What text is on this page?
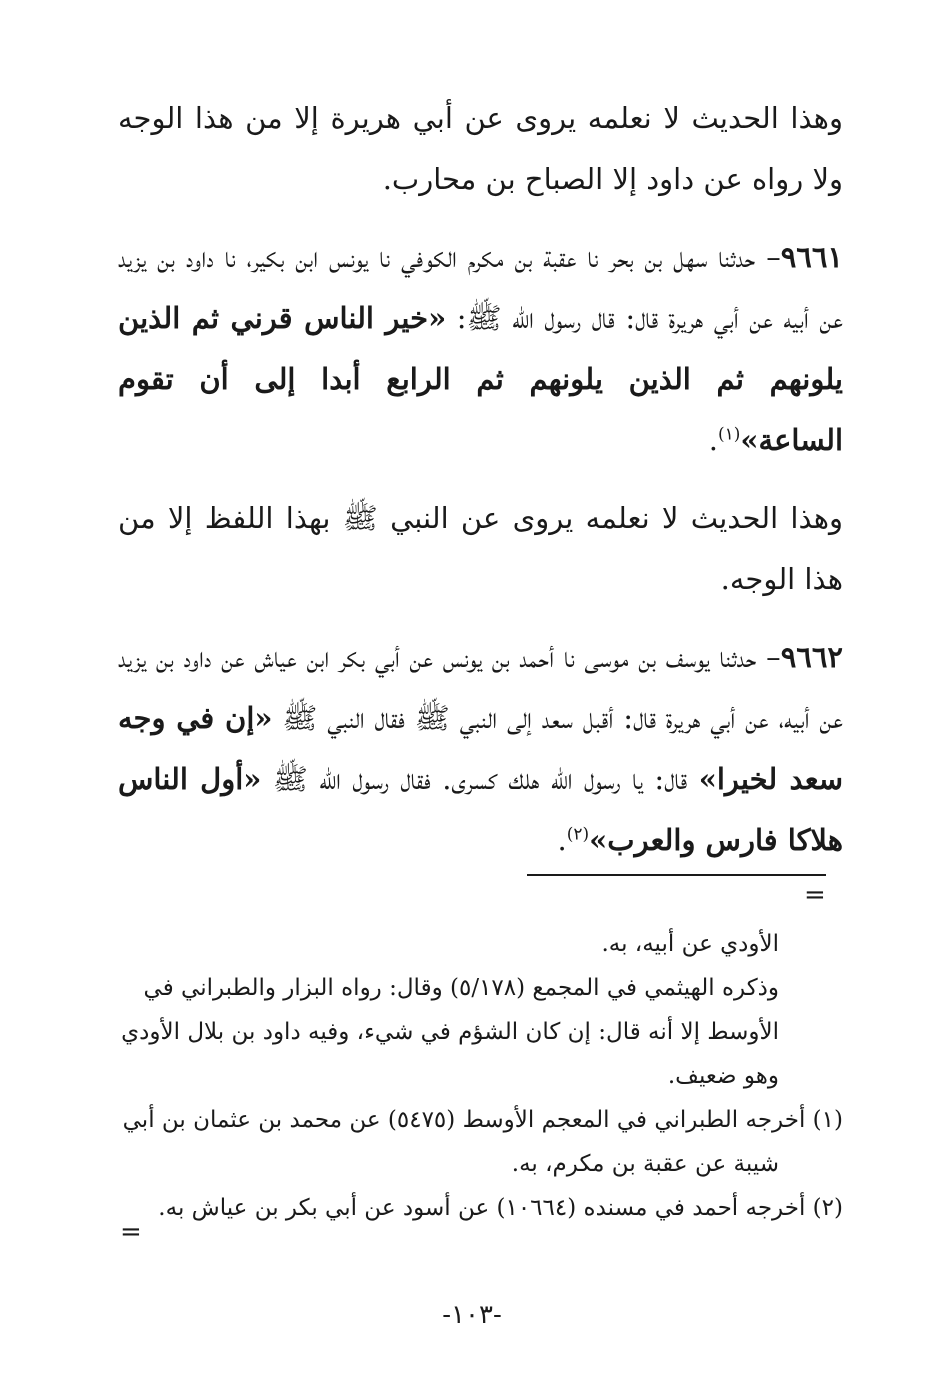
وهذا الحديث لا نعلمه يروى عن أبي هريرة إلا من هذا الوجه ولا رواه عن داود إلا الصباح بن محارب.

٩٦٦١– حدثنا سهل بن بحر نا عقبة بن مكرم الكوفي نا يونس ابن بكير، نا داود بن يزيد عن أبيه عن أبي هريرة قال: قال رسول الله ﷺ: «خير الناس قرني ثم الذين يلونهم ثم الذين يلونهم ثم الرابع أبدا إلى أن تقوم الساعة»$^{(١)}$.

وهذا الحديث لا نعلمه يروى عن النبي ﷺ بهذا اللفظ إلا من هذا الوجه.

٩٦٦٢– حدثنا يوسف بن موسى نا أحمد بن يونس عن أبي بكر ابن عياش عن داود بن يزيد عن أبيه، عن أبي هريرة قال: أقبل سعد إلى النبي ﷺ فقال النبي ﷺ «إن في وجه سعد لخيرا» قال: يا رسول الله هلك كسرى. فقال رسول الله ﷺ «أول الناس هلاكا فارس والعرب»$^{(٢)}$.

=

الأودي عن أبيه، به.

وذكره الهيثمي في المجمع (٥/١٧٨) وقال: رواه البزار والطبراني في الأوسط إلا أنه قال: إن كان الشؤم في شيء، وفيه داود بن بلال الأودي وهو ضعيف.

(١) أخرجه الطبراني في المعجم الأوسط (٥٤٧٥) عن محمد بن عثمان بن أبي شيبة عن عقبة بن مكرم، به.

(٢) أخرجه أحمد في مسنده (١٠٦٦٤) عن أسود عن أبي بكر بن عياش به.

=
-١٠٣-
